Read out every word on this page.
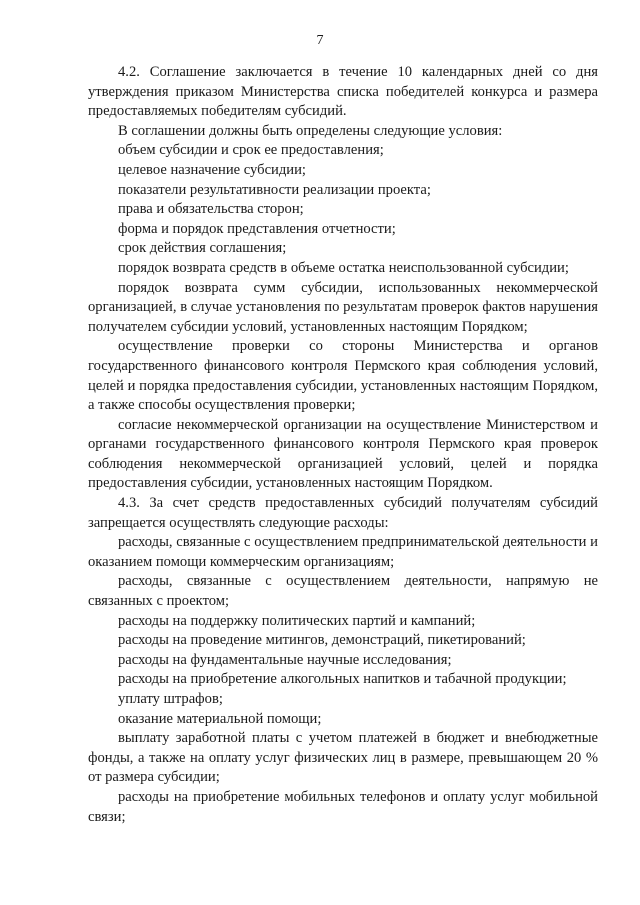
7

4.2. Соглашение заключается в течение 10 календарных дней со дня утверждения приказом Министерства списка победителей конкурса и размера предоставляемых победителям субсидий.

В соглашении должны быть определены следующие условия:

объем субсидии и срок ее предоставления;

целевое назначение субсидии;

показатели результативности реализации проекта;

права и обязательства сторон;

форма и порядок представления отчетности;

срок действия соглашения;

порядок возврата средств в объеме остатка неиспользованной субсидии;

порядок возврата сумм субсидии, использованных некоммерческой организацией, в случае установления по результатам проверок фактов нарушения получателем субсидии условий, установленных настоящим Порядком;

осуществление проверки со стороны Министерства и органов государственного финансового контроля Пермского края соблюдения условий, целей и порядка предоставления субсидии, установленных настоящим Порядком, а также способы осуществления проверки;

согласие некоммерческой организации на осуществление Министерством и органами государственного финансового контроля Пермского края проверок соблюдения некоммерческой организацией условий, целей и порядка предоставления субсидии, установленных настоящим Порядком.

4.3. За счет средств предоставленных субсидий получателям субсидий запрещается осуществлять следующие расходы:

расходы, связанные с осуществлением предпринимательской деятельности и оказанием помощи коммерческим организациям;

расходы, связанные с осуществлением деятельности, напрямую не связанных с проектом;

расходы на поддержку политических партий и кампаний;

расходы на проведение митингов, демонстраций, пикетирований;

расходы на фундаментальные научные исследования;

расходы на приобретение алкогольных напитков и табачной продукции;

уплату штрафов;

оказание материальной помощи;

выплату заработной платы с учетом платежей в бюджет и внебюджетные фонды, а также на оплату услуг физических лиц в размере, превышающем 20 % от размера субсидии;

расходы на приобретение мобильных телефонов и оплату услуг мобильной связи;
